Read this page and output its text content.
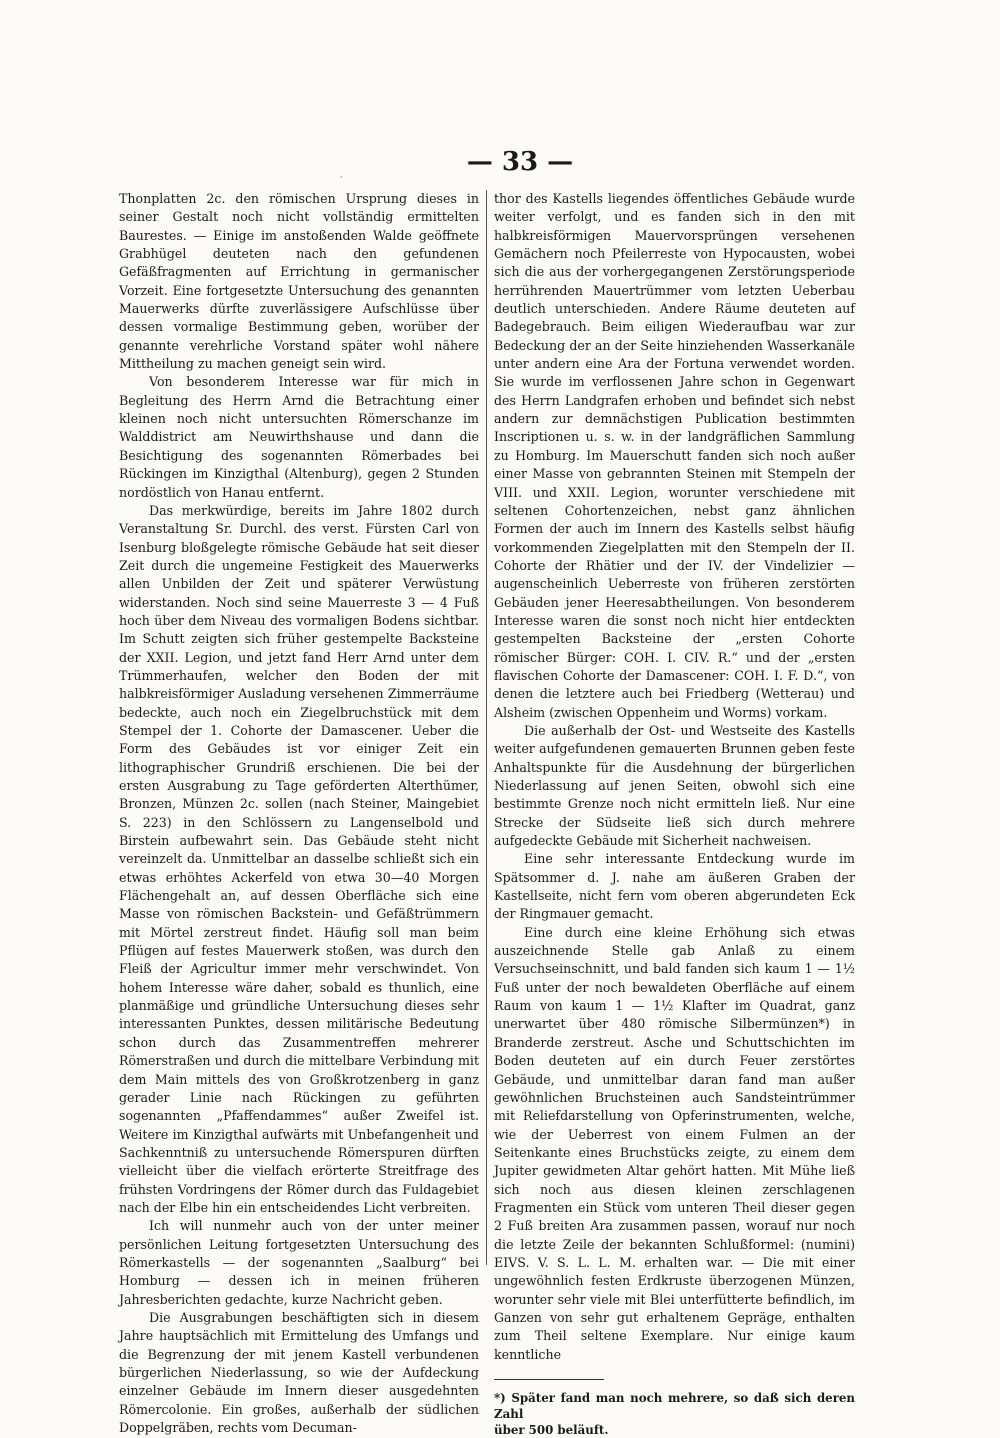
‚	— 33 —

Thonplatten 2c. den römischen Ursprung dieses in seiner Gestalt noch nicht vollständig ermittelten Baurestes. — Einige im anstoßenden Walde geöffnete Grabhügel deuteten nach den gefundenen Gefäßfragmenten auf Errichtung in germanischer Vorzeit. Eine fortgesetzte Untersuchung des genannten Mauerwerks dürfte zuverlässigere Aufschlüsse über dessen vormalige Bestimmung geben, worüber der genannte verehrliche Vorstand später wohl nähere Mittheilung zu machen geneigt sein wird.

Von besonderem Interesse war für mich in Begleitung des Herrn Arnd die Betrachtung einer kleinen noch nicht untersuchten Römerschanze im Walddistrict am Neuwirthshause und dann die Besichtigung des sogenannten Römerbades bei Rückingen im Kinzigthal (Altenburg), gegen 2 Stunden nordöstlich von Hanau entfernt.

Das merkwürdige, bereits im Jahre 1802 durch Veranstaltung Sr. Durchl. des verst. Fürsten Carl von Isenburg bloßgelegte römische Gebäude hat seit dieser Zeit durch die ungemeine Festigkeit des Mauerwerks allen Unbilden der Zeit und späterer Verwüstung widerstanden. Noch sind seine Mauerreste 3 — 4 Fuß hoch über dem Niveau des vormaligen Bodens sichtbar. Im Schutt zeigten sich früher gestempelte Backsteine der XXII. Legion, und jetzt fand Herr Arnd unter dem Trümmerhaufen, welcher den Boden der mit halbkreisförmiger Ausladung versehenen Zimmerräume bedeckte, auch noch ein Ziegelbruchstück mit dem Stempel der 1. Cohorte der Damascener. Ueber die Form des Gebäudes ist vor einiger Zeit ein lithographischer Grundriß erschienen. Die bei der ersten Ausgrabung zu Tage geförderten Alterthümer, Bronzen, Münzen 2c. sollen (nach Steiner, Maingebiet S. 223) in den Schlössern zu Langenselbold und Birstein aufbewahrt sein. Das Gebäude steht nicht vereinzelt da. Unmittelbar an dasselbe schließt sich ein etwas erhöhtes Ackerfeld von etwa 30—40 Morgen Flächengehalt an, auf dessen Oberfläche sich eine Masse von römischen Backstein- und Gefäßtrümmern mit Mörtel zerstreut findet. Häufig soll man beim Pflügen auf festes Mauerwerk stoßen, was durch den Fleiß der Agricultur immer mehr verschwindet. Von hohem Interesse wäre daher, sobald es thunlich, eine planmäßige und gründliche Untersuchung dieses sehr interessanten Punktes, dessen militärische Bedeutung schon durch das Zusammentreffen mehrerer Römerstraßen und durch die mittelbare Verbindung mit dem Main mittels des von Großkrotzenberg in ganz gerader Linie nach Rückingen zu geführten sogenannten „Pfaffendammes“ außer Zweifel ist. Weitere im Kinzigthal aufwärts mit Unbefangenheit und Sachkenntniß zu untersuchende Römerspuren dürften vielleicht über die vielfach erörterte Streitfrage des frühsten Vordringens der Römer durch das Fuldagebiet nach der Elbe hin ein entscheidendes Licht verbreiten.

Ich will nunmehr auch von der unter meiner persönlichen Leitung fortgesetzten Untersuchung des Römerkastells — der sogenannten „Saalburg“ bei Homburg — dessen ich in meinen früheren Jahresberichten gedachte, kurze Nachricht geben.

Die Ausgrabungen beschäftigten sich in diesem Jahre hauptsächlich mit Ermittelung des Umfangs und die Begrenzung der mit jenem Kastell verbundenen bürgerlichen Niederlassung, so wie der Aufdeckung einzelner Gebäude im Innern dieser ausgedehnten Römercolonie. Ein großes, außerhalb der südlichen Doppelgräben, rechts vom Decuman-

thor des Kastells liegendes öffentliches Gebäude wurde weiter verfolgt, und es fanden sich in den mit halbkreisförmigen Mauervorsprüngen versehenen Gemächern noch Pfeilerreste von Hypocausten, wobei sich die aus der vorhergegangenen Zerstörungsperiode herrührenden Mauertrümmer vom letzten Ueberbau deutlich unterschieden. Andere Räume deuteten auf Badegebrauch. Beim eiligen Wiederaufbau war zur Bedeckung der an der Seite hinziehenden Wasserkanäle unter andern eine Ara der Fortuna verwendet worden. Sie wurde im verflossenen Jahre schon in Gegenwart des Herrn Landgrafen erhoben und befindet sich nebst andern zur demnächstigen Publication bestimmten Inscriptionen u. s. w. in der landgräflichen Sammlung zu Homburg. Im Mauerschutt fanden sich noch außer einer Masse von gebrannten Steinen mit Stempeln der VIII. und XXII. Legion, worunter verschiedene mit seltenen Cohortenzeichen, nebst ganz ähnlichen Formen der auch im Innern des Kastells selbst häufig vorkommenden Ziegelplatten mit den Stempeln der II. Cohorte der Rhätier und der IV. der Vindelizier — augenscheinlich Ueberreste von früheren zerstörten Gebäuden jener Heeresabtheilungen. Von besonderem Interesse waren die sonst noch nicht hier entdeckten gestempelten Backsteine der „ersten Cohorte römischer Bürger: COH. I. CIV. R.“ und der „ersten flavischen Cohorte der Damascener: COH. I. F. D.“, von denen die letztere auch bei Friedberg (Wetterau) und Alsheim (zwischen Oppenheim und Worms) vorkam.

Die außerhalb der Ost- und Westseite des Kastells weiter aufgefundenen gemauerten Brunnen geben feste Anhaltspunkte für die Ausdehnung der bürgerlichen Niederlassung auf jenen Seiten, obwohl sich eine bestimmte Grenze noch nicht ermitteln ließ. Nur eine Strecke der Südseite ließ sich durch mehrere aufgedeckte Gebäude mit Sicherheit nachweisen.

Eine sehr interessante Entdeckung wurde im Spätsommer d. J. nahe am äußeren Graben der Kastellseite, nicht fern vom oberen abgerundeten Eck der Ringmauer gemacht.

Eine durch eine kleine Erhöhung sich etwas auszeichnende Stelle gab Anlaß zu einem Versuchseinschnitt, und bald fanden sich kaum 1 — 1½ Fuß unter der noch bewaldeten Oberfläche auf einem Raum von kaum 1 — 1½ Klafter im Quadrat, ganz unerwartet über 480 römische Silbermünzen*) in Branderde zerstreut. Asche und Schuttschichten im Boden deuteten auf ein durch Feuer zerstörtes Gebäude, und unmittelbar daran fand man außer gewöhnlichen Bruchsteinen auch Sandsteintrümmer mit Reliefdarstellung von Opferinstrumenten, welche, wie der Ueberrest von einem Fulmen an der Seitenkante eines Bruchstücks zeigte, zu einem dem Jupiter gewidmeten Altar gehört hatten. Mit Mühe ließ sich noch aus diesen kleinen zerschlagenen Fragmenten ein Stück vom unteren Theil dieser gegen 2 Fuß breiten Ara zusammen passen, worauf nur noch die letzte Zeile der bekannten Schlußformel: (numini) EIVS. V. S. L. L. M. erhalten war. — Die mit einer ungewöhnlich festen Erdkruste überzogenen Münzen, worunter sehr viele mit Blei unterfütterte befindlich, im Ganzen von sehr gut erhaltenem Gepräge, enthalten zum Theil seltene Exemplare. Nur einige kaum kenntliche

*) Später fand man noch mehrere, so daß sich deren Zahl
über 500 beläuft.
